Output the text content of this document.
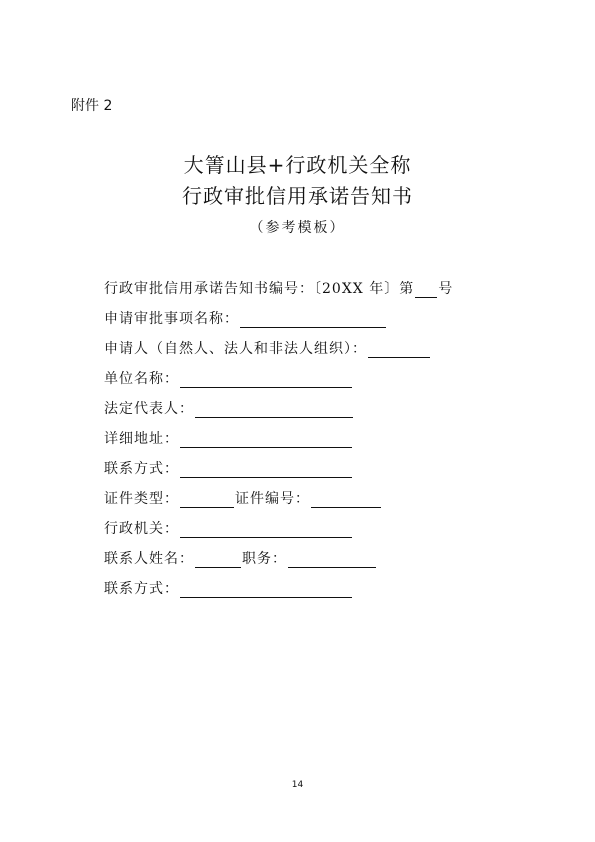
附件 2
大箐山县+行政机关全称
行政审批信用承诺告知书
（参考模板）
行政审批信用承诺告知书编号：〔20XX 年〕第 号
申请审批事项名称：
申请人（自然人、法人和非法人组织）：
单位名称：
法定代表人：
详细地址：
联系方式：
证件类型：	证件编号：
行政机关：
联系人姓名：	职务：
联系方式：
14
